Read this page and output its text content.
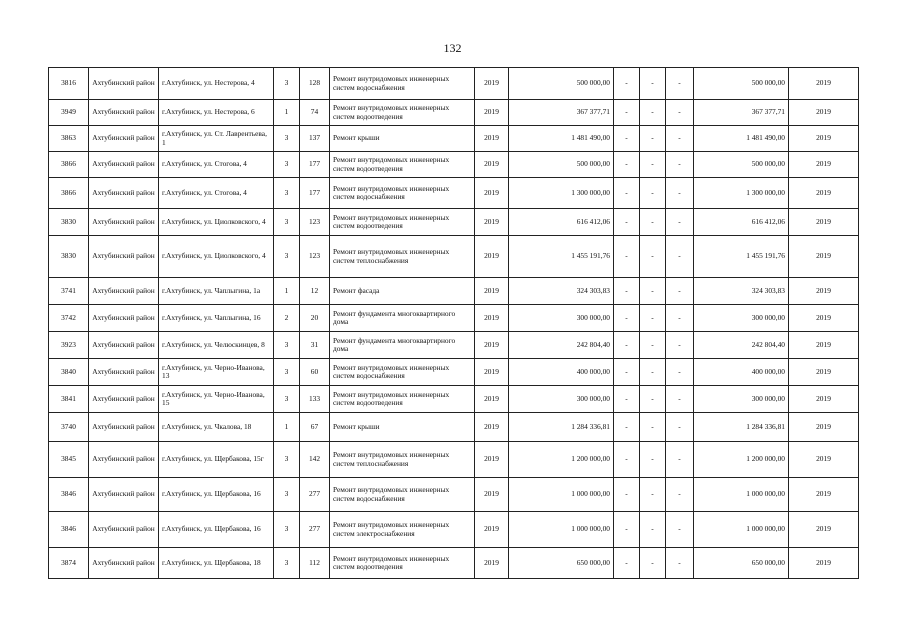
132
3816	Ахтубинский район	г.Ахтубинск, ул. Нестерова, 4	3	128	Ремонт внутридомовых инженерных систем водоснабжения	2019	500 000,00	-	-	-	500 000,00	2019
3949	Ахтубинский район	г.Ахтубинск, ул. Нестерова, 6	1	74	Ремонт внутридомовых инженерных систем водоотведения	2019	367 377,71	-	-	-	367 377,71	2019
3863	Ахтубинский район	г.Ахтубинск, ул. Ст. Лаврентьева, 1	3	137	Ремонт крыши	2019	1 481 490,00	-	-	-	1 481 490,00	2019
3866	Ахтубинский район	г.Ахтубинск, ул. Стогова, 4	3	177	Ремонт внутридомовых инженерных систем водоотведения	2019	500 000,00	-	-	-	500 000,00	2019
3866	Ахтубинский район	г.Ахтубинск, ул. Стогова, 4	3	177	Ремонт внутридомовых инженерных систем водоснабжения	2019	1 300 000,00	-	-	-	1 300 000,00	2019
3830	Ахтубинский район	г.Ахтубинск, ул. Циолковского, 4	3	123	Ремонт внутридомовых инженерных систем водоотведения	2019	616 412,06	-	-	-	616 412,06	2019
3830	Ахтубинский район	г.Ахтубинск, ул. Циолковского, 4	3	123	Ремонт внутридомовых инженерных систем теплоснабжения	2019	1 455 191,76	-	-	-	1 455 191,76	2019
3741	Ахтубинский район	г.Ахтубинск, ул. Чаплыгина, 1а	1	12	Ремонт фасада	2019	324 303,83	-	-	-	324 303,83	2019
3742	Ахтубинский район	г.Ахтубинск, ул. Чаплыгина, 16	2	20	Ремонт фундамента многоквартирного дома	2019	300 000,00	-	-	-	300 000,00	2019
3923	Ахтубинский район	г.Ахтубинск, ул. Челюскинцев, 8	3	31	Ремонт фундамента многоквартирного дома	2019	242 804,40	-	-	-	242 804,40	2019
3840	Ахтубинский район	г.Ахтубинск, ул. Черно-Иванова, 13	3	60	Ремонт внутридомовых инженерных систем водоснабжения	2019	400 000,00	-	-	-	400 000,00	2019
3841	Ахтубинский район	г.Ахтубинск, ул. Черно-Иванова, 15	3	133	Ремонт внутридомовых инженерных систем водоотведения	2019	300 000,00	-	-	-	300 000,00	2019
3740	Ахтубинский район	г.Ахтубинск, ул. Чкалова, 18	1	67	Ремонт крыши	2019	1 284 336,81	-	-	-	1 284 336,81	2019
3845	Ахтубинский район	г.Ахтубинск, ул. Щербакова, 15г	3	142	Ремонт внутридомовых инженерных систем теплоснабжения	2019	1 200 000,00	-	-	-	1 200 000,00	2019
3846	Ахтубинский район	г.Ахтубинск, ул. Щербакова, 16	3	277	Ремонт внутридомовых инженерных систем водоснабжения	2019	1 000 000,00	-	-	-	1 000 000,00	2019
3846	Ахтубинский район	г.Ахтубинск, ул. Щербакова, 16	3	277	Ремонт внутридомовых инженерных систем электроснабжения	2019	1 000 000,00	-	-	-	1 000 000,00	2019
3874	Ахтубинский район	г.Ахтубинск, ул. Щербакова, 18	3	112	Ремонт внутридомовых инженерных систем водоотведения	2019	650 000,00	-	-	-	650 000,00	2019
